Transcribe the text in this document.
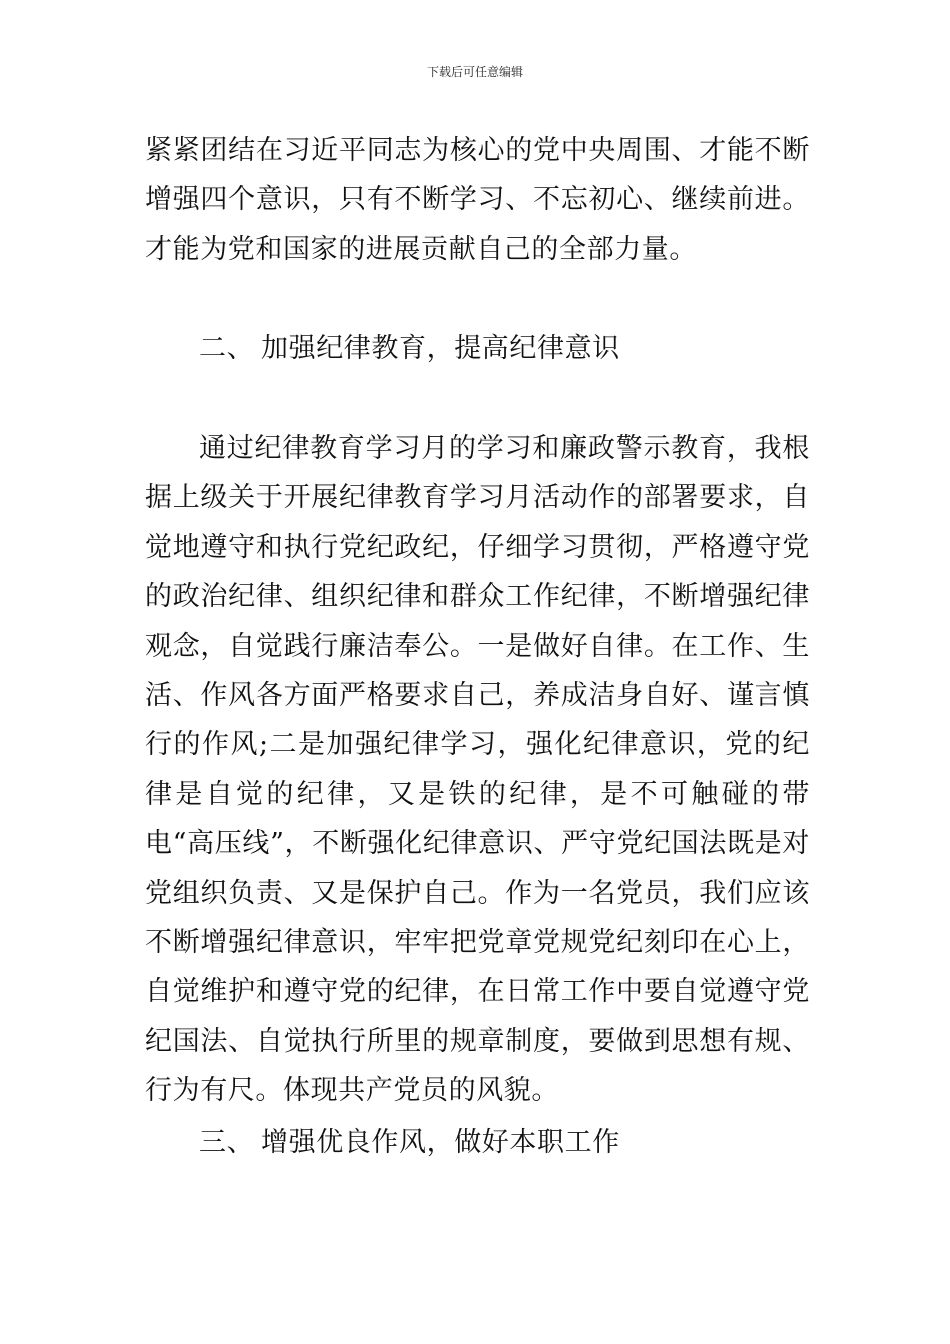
下载后可任意编辑

紧紧团结在习近平同志为核心的党中央周围、才能不断增强四个意识，只有不断学习、不忘初心、继续前进。才能为党和国家的进展贡献自己的全部力量。

二、 加强纪律教育，提高纪律意识

通过纪律教育学习月的学习和廉政警示教育，我根据上级关于开展纪律教育学习月活动作的部署要求，自觉地遵守和执行党纪政纪，仔细学习贯彻，严格遵守党的政治纪律、组织纪律和群众工作纪律，不断增强纪律观念，自觉践行廉洁奉公。一是做好自律。在工作、生活、作风各方面严格要求自己，养成洁身自好、谨言慎行的作风;二是加强纪律学习，强化纪律意识，党的纪律是自觉的纪律，又是铁的纪律，是不可触碰的带电“高压线”，不断强化纪律意识、严守党纪国法既是对党组织负责、又是保护自己。作为一名党员，我们应该不断增强纪律意识，牢牢把党章党规党纪刻印在心上，自觉维护和遵守党的纪律，在日常工作中要自觉遵守党纪国法、自觉执行所里的规章制度，要做到思想有规、行为有尺。体现共产党员的风貌。

三、 增强优良作风，做好本职工作
